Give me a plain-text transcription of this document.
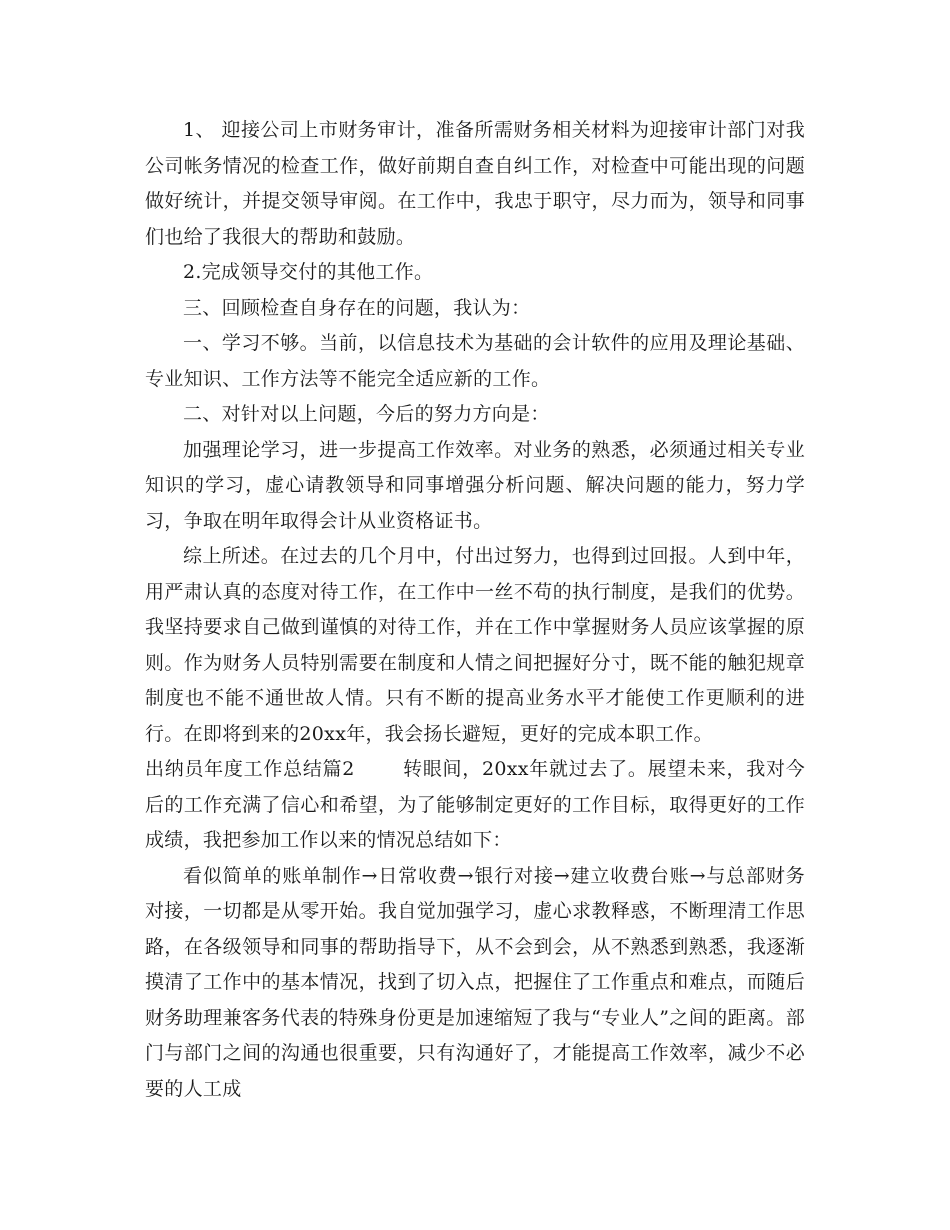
1、 迎接公司上市财务审计，准备所需财务相关材料为迎接审计部门对我公司帐务情况的检查工作，做好前期自查自纠工作，对检查中可能出现的问题做好统计，并提交领导审阅。在工作中，我忠于职守，尽力而为，领导和同事们也给了我很大的帮助和鼓励。

2.完成领导交付的其他工作。

三、回顾检查自身存在的问题，我认为：

一、学习不够。当前，以信息技术为基础的会计软件的应用及理论基础、专业知识、工作方法等不能完全适应新的工作。

二、对针对以上问题，今后的努力方向是：

加强理论学习，进一步提高工作效率。对业务的熟悉，必须通过相关专业知识的学习，虚心请教领导和同事增强分析问题、解决问题的能力，努力学习，争取在明年取得会计从业资格证书。

综上所述。在过去的几个月中，付出过努力，也得到过回报。人到中年，用严肃认真的态度对待工作，在工作中一丝不苟的执行制度，是我们的优势。我坚持要求自己做到谨慎的对待工作，并在工作中掌握财务人员应该掌握的原则。作为财务人员特别需要在制度和人情之间把握好分寸，既不能的触犯规章制度也不能不通世故人情。只有不断的提高业务水平才能使工作更顺利的进行。在即将到来的20xx年，我会扬长避短，更好的完成本职工作。

出纳员年度工作总结篇2	转眼间，20xx年就过去了。展望未来，我对今后的工作充满了信心和希望，为了能够制定更好的工作目标，取得更好的工作成绩，我把参加工作以来的情况总结如下：

看似简单的账单制作→日常收费→银行对接→建立收费台账→与总部财务对接，一切都是从零开始。我自觉加强学习，虚心求教释惑，不断理清工作思路，在各级领导和同事的帮助指导下，从不会到会，从不熟悉到熟悉，我逐渐摸清了工作中的基本情况，找到了切入点，把握住了工作重点和难点，而随后财务助理兼客务代表的特殊身份更是加速缩短了我与“专业人”之间的距离。部门与部门之间的沟通也很重要，只有沟通好了，才能提高工作效率，减少不必要的人工成
